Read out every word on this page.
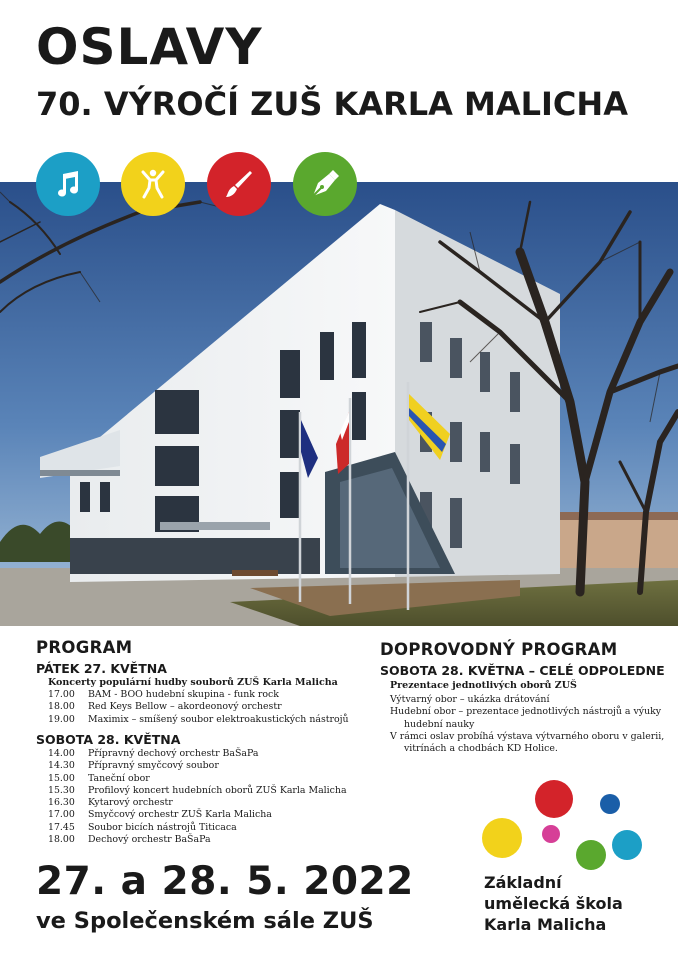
OSLAVY
70. VÝROČÍ ZUŠ KARLA MALICHA
PROGRAM
PÁTEK 27. KVĚTNA
Koncerty populární hudby souborů ZUŠ Karla Malicha
17.00 BAM - BOO hudební skupina - funk rock
18.00 Red Keys Bellow – akordeonový orchestr
19.00 Maximix – smíšený soubor elektroakustických nástrojů
SOBOTA 28. KVĚTNA
14.00 Přípravný dechový orchestr BaŠaPa
14.30 Přípravný smyčcový soubor
15.00 Taneční obor
15.30 Profilový koncert hudebních oborů ZUŠ Karla Malicha
16.30 Kytarový orchestr
17.00 Smyčcový orchestr ZUŠ Karla Malicha
17.45 Soubor bicích nástrojů Titicaca
18.00 Dechový orchestr BaŠaPa
DOPROVODNÝ PROGRAM
SOBOTA 28. KVĚTNA – CELÉ ODPOLEDNE
Prezentace jednotlivých oborů ZUŠ
Výtvarný obor – ukázka drátování
Hudební obor – prezentace jednotlivých nástrojů a výuky hudební nauky
V rámci oslav probíhá výstava výtvarného oboru v galerii, vitrínách a chodbách KD Holice.
27. a 28. 5. 2022
ve Společenském sále ZUŠ
Základní
umělecká škola
Karla Malicha
